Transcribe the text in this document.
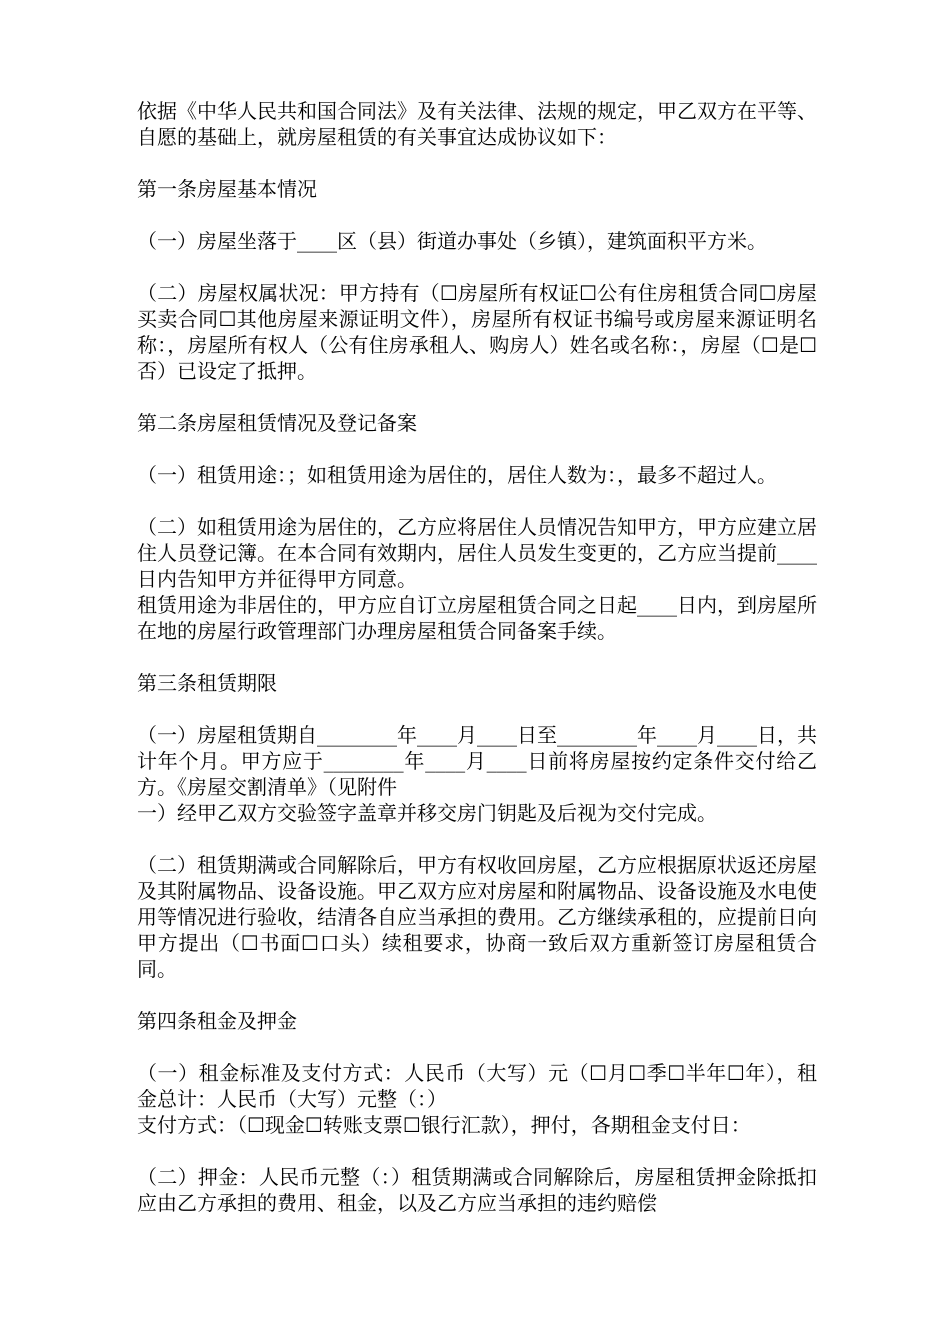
依据《中华人民共和国合同法》及有关法律、法规的规定，甲乙双方在平等、自愿的基础上，就房屋租赁的有关事宜达成协议如下：
第一条房屋基本情况
（一）房屋坐落于____区（县）街道办事处（乡镇），建筑面积平方米。
（二）房屋权属状况：甲方持有（☐房屋所有权证☐公有住房租赁合同☐房屋买卖合同☐其他房屋来源证明文件），房屋所有权证书编号或房屋来源证明名称：，房屋所有权人（公有住房承租人、购房人）姓名或名称：，房屋（☐是☐否）已设定了抵押。
第二条房屋租赁情况及登记备案
（一）租赁用途：；如租赁用途为居住的，居住人数为：，最多不超过人。
（二）如租赁用途为居住的，乙方应将居住人员情况告知甲方，甲方应建立居住人员登记簿。在本合同有效期内，居住人员发生变更的，乙方应当提前____日内告知甲方并征得甲方同意。
租赁用途为非居住的，甲方应自订立房屋租赁合同之日起____日内，到房屋所在地的房屋行政管理部门办理房屋租赁合同备案手续。
第三条租赁期限
（一）房屋租赁期自________年____月____日至________年____月____日，共计年个月。甲方应于________年____月____日前将房屋按约定条件交付给乙方。《房屋交割清单》（见附件
一）经甲乙双方交验签字盖章并移交房门钥匙及后视为交付完成。
（二）租赁期满或合同解除后，甲方有权收回房屋，乙方应根据原状返还房屋及其附属物品、设备设施。甲乙双方应对房屋和附属物品、设备设施及水电使用等情况进行验收，结清各自应当承担的费用。乙方继续承租的，应提前日向甲方提出（☐书面☐口头）续租要求，协商一致后双方重新签订房屋租赁合同。
第四条租金及押金
（一）租金标准及支付方式：人民币（大写）元（☐月☐季☐半年☐年），租金总计：人民币（大写）元整（：）
支付方式：（☐现金☐转账支票☐银行汇款），押付，各期租金支付日：
（二）押金：人民币元整（：）租赁期满或合同解除后，房屋租赁押金除抵扣应由乙方承担的费用、租金，以及乙方应当承担的违约赔偿
